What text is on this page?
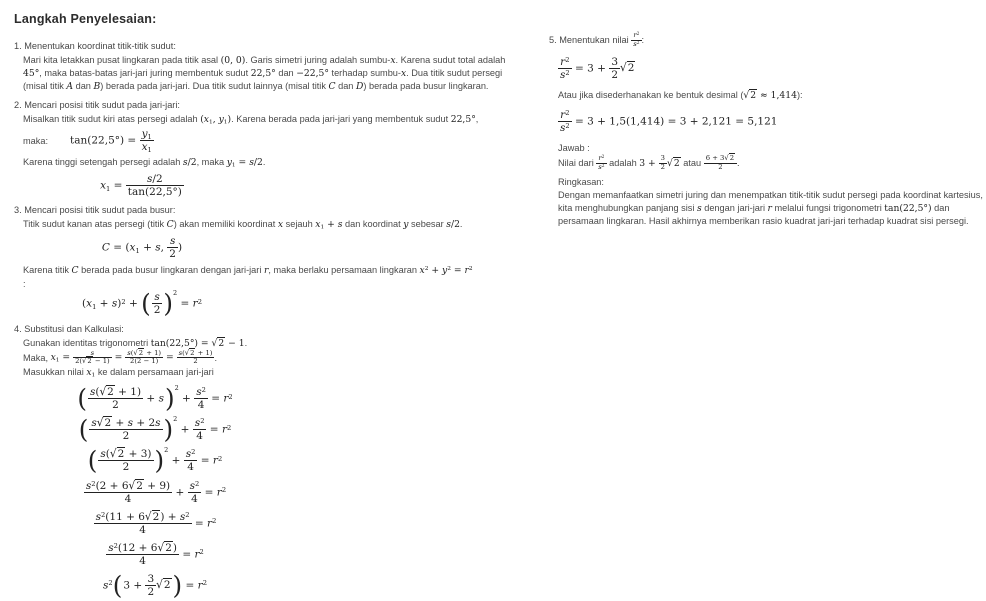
Langkah Penyelesaian:
1. Menentukan koordinat titik-titik sudut:

Mari kita letakkan pusat lingkaran pada titik asal (0, 0). Garis simetri juring adalah sumbu-x. Karena sudut total adalah 45°, maka batas-batas jari-jari juring membentuk sudut 22,5° dan −22,5° terhadap sumbu-x. Dua titik sudut persegi (misal titik A dan B) berada pada jari-jari. Dua titik sudut lainnya (misal titik C dan D) berada pada busur lingkaran.

2. Mencari posisi titik sudut pada jari-jari:

Misalkan titik sudut kiri atas persegi adalah (x1, y1). Karena berada pada jari-jari yang membentuk sudut 22,5°,

maka: $\tan(22,5^\circ) = \frac{y1}{x1}$

Karena tinggi setengah persegi adalah s/2, maka y1 = s/2.

$x1 = \frac{s/2}{\tan(22,5^\circ)}$
3. Mencari posisi titik sudut pada busur:

Titik sudut kanan atas persegi (titik C) akan memiliki koordinat x sejauh x1 + s dan koordinat y sebesar s/2.

C = (x1 + s, $\frac{s}{2}$ )

Karena titik C berada pada busur lingkaran dengan jari-jari r, maka berlaku persamaan lingkaran x2 + y2 = r2

:

(x1 + s)2 + ( $\frac{s}{2}$ ) 2
= r2
4. Substitusi dan Kalkulasi:

Gunakan identitas trigonometri tan(22,5°) = √2 − 1.

Maka, $x1 = \frac{s}{2(√2 - 1)} = \frac{s(√2 + 1)}{2(2 - 1)} = \frac{s(√2 + 1)}{2}$ .

Masukkan nilai x1 ke dalam persamaan jari-jari

( $\frac{s(√2 + 1)}{2} + s$ ) 2
+ $\frac{s2}{4} = r2$
( $\frac{s√2 + s + 2s}{2}$ ) 2
+ $\frac{s2}{4} = r2$
( $\frac{s(√2 + 3)}{2}$ ) 2
+ $\frac{s2}{4} = r2$
$\frac{s2(2 + 6√2 + 9)}{4} + \frac{s2}{4} = r2$
$\frac{s2(11 + 6√2) + s2}{4} = r2$
$\frac{s2(12 + 6√2)}{4} = r2$
s2 ( $3 + \frac{3}{2} √2$ ) = r2
5. Menentukan nilai $\frac{r2}{s2}$ :
$\frac{r2}{s2} = 3 + \frac{3}{2} √2$

Atau jika disederhanakan ke bentuk desimal (√2 ≈ 1,414):

$\frac{r2}{s2} = 3 + 1,5(1,414) = 3 + 2,121 = 5,121$

Jawab :

Nilai dari $\frac{r2}{s2}$ adalah $3 + \frac{3}{2} √2$ atau $\frac{6 + 3√2}{2}$ .

Ringkasan:

Dengan memanfaatkan simetri juring dan menempatkan titik-titik sudut persegi pada koordinat kartesius, kita menghubungkan panjang sisi s dengan jari-jari r melalui fungsi trigonometri tan(22,5°) dan persamaan lingkaran. Hasil akhirnya memberikan rasio kuadrat jari-jari terhadap kuadrat sisi persegi.
